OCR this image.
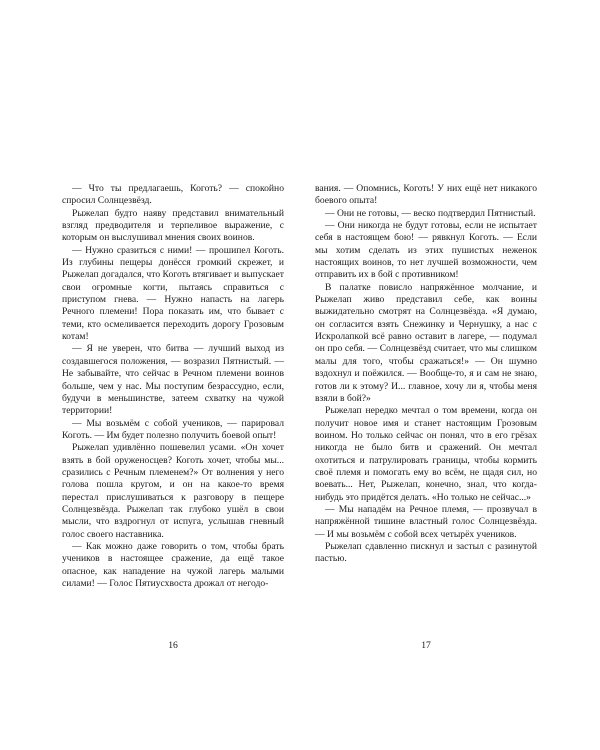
— Что ты предлагаешь, Коготь? — спокойно спросил Солнцезвёзд.

Рыжелап будто наяву представил внимательный взгляд предводителя и терпеливое выражение, с которым он выслушивал мнения своих воинов.

— Нужно сразиться с ними! — прошипел Коготь. Из глубины пещеры донёсся громкий скрежет, и Рыжелап догадался, что Коготь втягивает и выпускает свои огромные когти, пытаясь справиться с приступом гнева. — Нужно напасть на лагерь Речного племени! Пора показать им, что бывает с теми, кто осмеливается переходить дорогу Грозовым котам!

— Я не уверен, что битва — лучший выход из создавшегося положения, — возразил Пятнистый. — Не забывайте, что сейчас в Речном племени воинов больше, чем у нас. Мы поступим безрассудно, если, будучи в меньшинстве, затеем схватку на чужой территории!

— Мы возьмём с собой учеников, — парировал Коготь. — Им будет полезно получить боевой опыт!

Рыжелап удивлённо пошевелил усами. «Он хочет взять в бой оруженосцев? Коготь хочет, чтобы мы... сразились с Речным племенем?» От волнения у него голова пошла кругом, и он на какое-то время перестал прислушиваться к разговору в пещере Солнцезвёзда. Рыжелап так глубоко ушёл в свои мысли, что вздрогнул от испуга, услышав гневный голос своего наставника.

— Как можно даже говорить о том, чтобы брать учеников в настоящее сражение, да ещё такое опасное, как нападение на чужой лагерь малыми силами! — Голос Пятиусхвоста дрожал от негодо-

16

вания. — Опомнись, Коготь! У них ещё нет никакого боевого опыта!

— Они не готовы, — веско подтвердил Пятнистый.

— Они никогда не будут готовы, если не испытает себя в настоящем бою! — рявкнул Коготь. — Если мы хотим сделать из этих пушистых неженок настоящих воинов, то нет лучшей возможности, чем отправить их в бой с противником!

В палатке повисло напряжённое молчание, и Рыжелап живо представил себе, как воины выжидательно смотрят на Солнцезвёзда. «Я думаю, он согласится взять Снежинку и Чернушку, а нас с Искролапкой всё равно оставит в лагере, — подумал он про себя. — Солнцезвёзд считает, что мы слишком малы для того, чтобы сражаться!» — Он шумно вздохнул и поёжился. — Вообще-то, я и сам не знаю, готов ли к этому? И... главное, хочу ли я, чтобы меня взяли в бой?»

Рыжелап нередко мечтал о том времени, когда он получит новое имя и станет настоящим Грозовым воином. Но только сейчас он понял, что в его грёзах никогда не было битв и сражений. Он мечтал охотиться и патрулировать границы, чтобы кормить своё племя и помогать ему во всём, не щадя сил, но воевать... Нет, Рыжелап, конечно, знал, что когда-нибудь это придётся делать. «Но только не сейчас...»

— Мы нападём на Речное племя, — прозвучал в напряжённой тишине властный голос Солнцезвёзда. — И мы возьмём с собой всех четырёх учеников.

Рыжелап сдавленно пискнул и застыл с разинутой пастью.

17
